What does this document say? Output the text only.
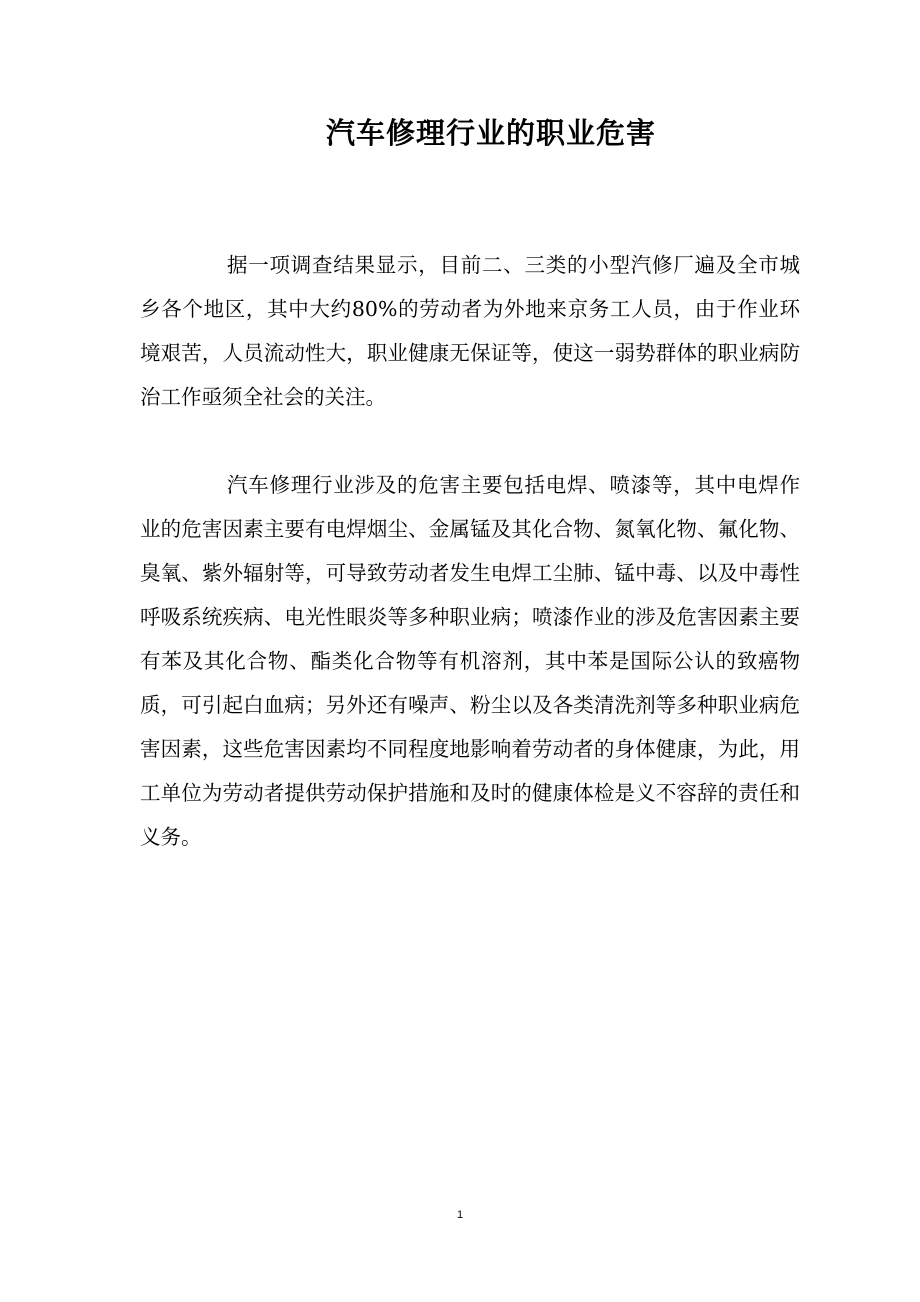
汽车修理行业的职业危害

据一项调查结果显示，目前二、三类的小型汽修厂遍及全市城乡各个地区，其中大约80%的劳动者为外地来京务工人员，由于作业环境艰苦，人员流动性大，职业健康无保证等，使这一弱势群体的职业病防治工作亟须全社会的关注。

汽车修理行业涉及的危害主要包括电焊、喷漆等，其中电焊作业的危害因素主要有电焊烟尘、金属锰及其化合物、氮氧化物、氟化物、臭氧、紫外辐射等，可导致劳动者发生电焊工尘肺、锰中毒、以及中毒性呼吸系统疾病、电光性眼炎等多种职业病；喷漆作业的涉及危害因素主要有苯及其化合物、酯类化合物等有机溶剂，其中苯是国际公认的致癌物质，可引起白血病；另外还有噪声、粉尘以及各类清洗剂等多种职业病危害因素，这些危害因素均不同程度地影响着劳动者的身体健康，为此，用工单位为劳动者提供劳动保护措施和及时的健康体检是义不容辞的责任和义务。

1
